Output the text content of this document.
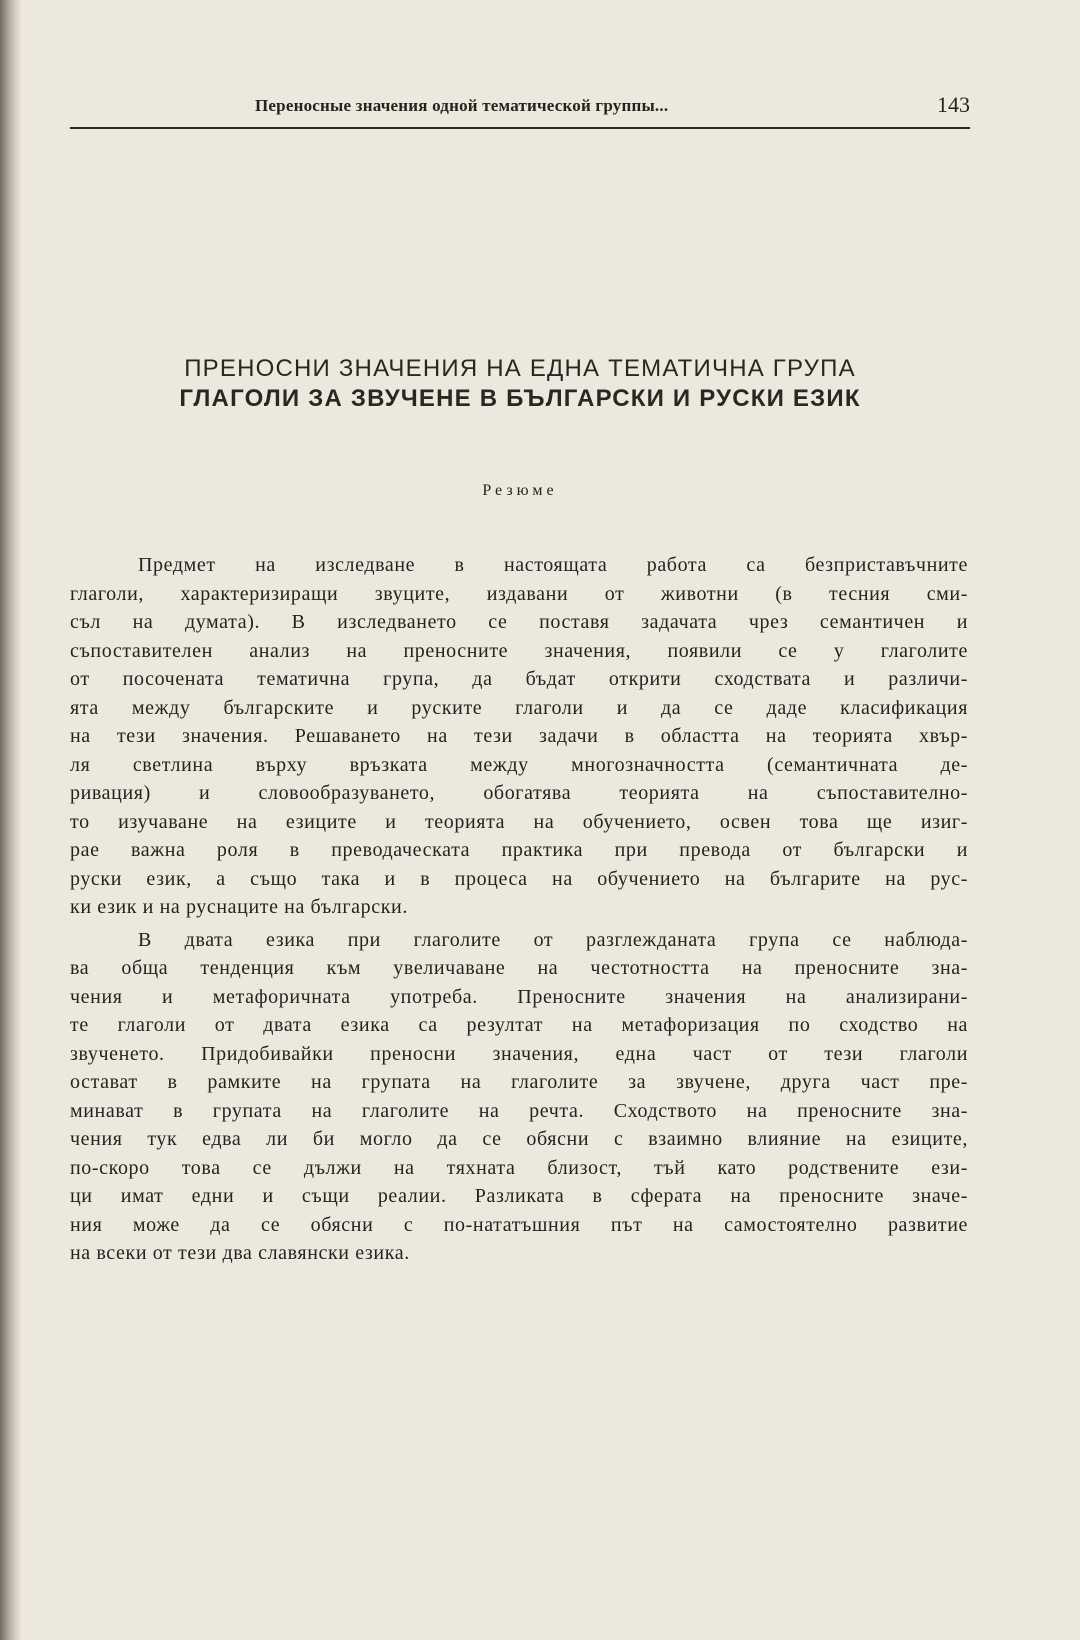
Переносные значения одной тематической группы...	143
ПРЕНОСНИ ЗНАЧЕНИЯ НА ЕДНА ТЕМАТИЧНА ГРУПА
ГЛАГОЛИ ЗА ЗВУЧЕНЕ В БЪЛГАРСКИ И РУСКИ ЕЗИК
Резюме
Предмет на изследване в настоящата работа са безприставъчните
глаголи, характеризиращи звуците, издавани от животни (в тесния сми-
съл на думата). В изследването се поставя задачата чрез семантичен и
съпоставителен анализ на преносните значения, появили се у глаголите
от посочената тематична група, да бъдат открити сходствата и различи-
ята между българските и руските глаголи и да се даде класификация
на тези значения. Решаването на тези задачи в областта на теорията хвър-
ля светлина върху връзката между многозначността (семантичната де-
ривация) и словообразуването, обогатява теорията на съпоставително-
то изучаване на езиците и теорията на обучението, освен това ще изиг-
рае важна роля в преводаческата практика при превода от български и
руски език, а също така и в процеса на обучението на българите на рус-
ки език и на руснаците на български.
В двата езика при глаголите от разглежданата група се наблюда-
ва обща тенденция към увеличаване на честотността на преносните зна-
чения и метафоричната употреба. Преносните значения на анализирани-
те глаголи от двата езика са резултат на метафоризация по сходство на
звученето. Придобивайки преносни значения, една част от тези глаголи
остават в рамките на групата на глаголите за звучене, друга част пре-
минават в групата на глаголите на речта. Сходството на преносните зна-
чения тук едва ли би могло да се обясни с взаимно влияние на езиците,
по-скоро това се дължи на тяхната близост, тъй като родствените ези-
ци имат едни и същи реалии. Разликата в сферата на преносните значе-
ния може да се обясни с по-нататъшния път на самостоятелно развитие
на всеки от тези два славянски езика.
